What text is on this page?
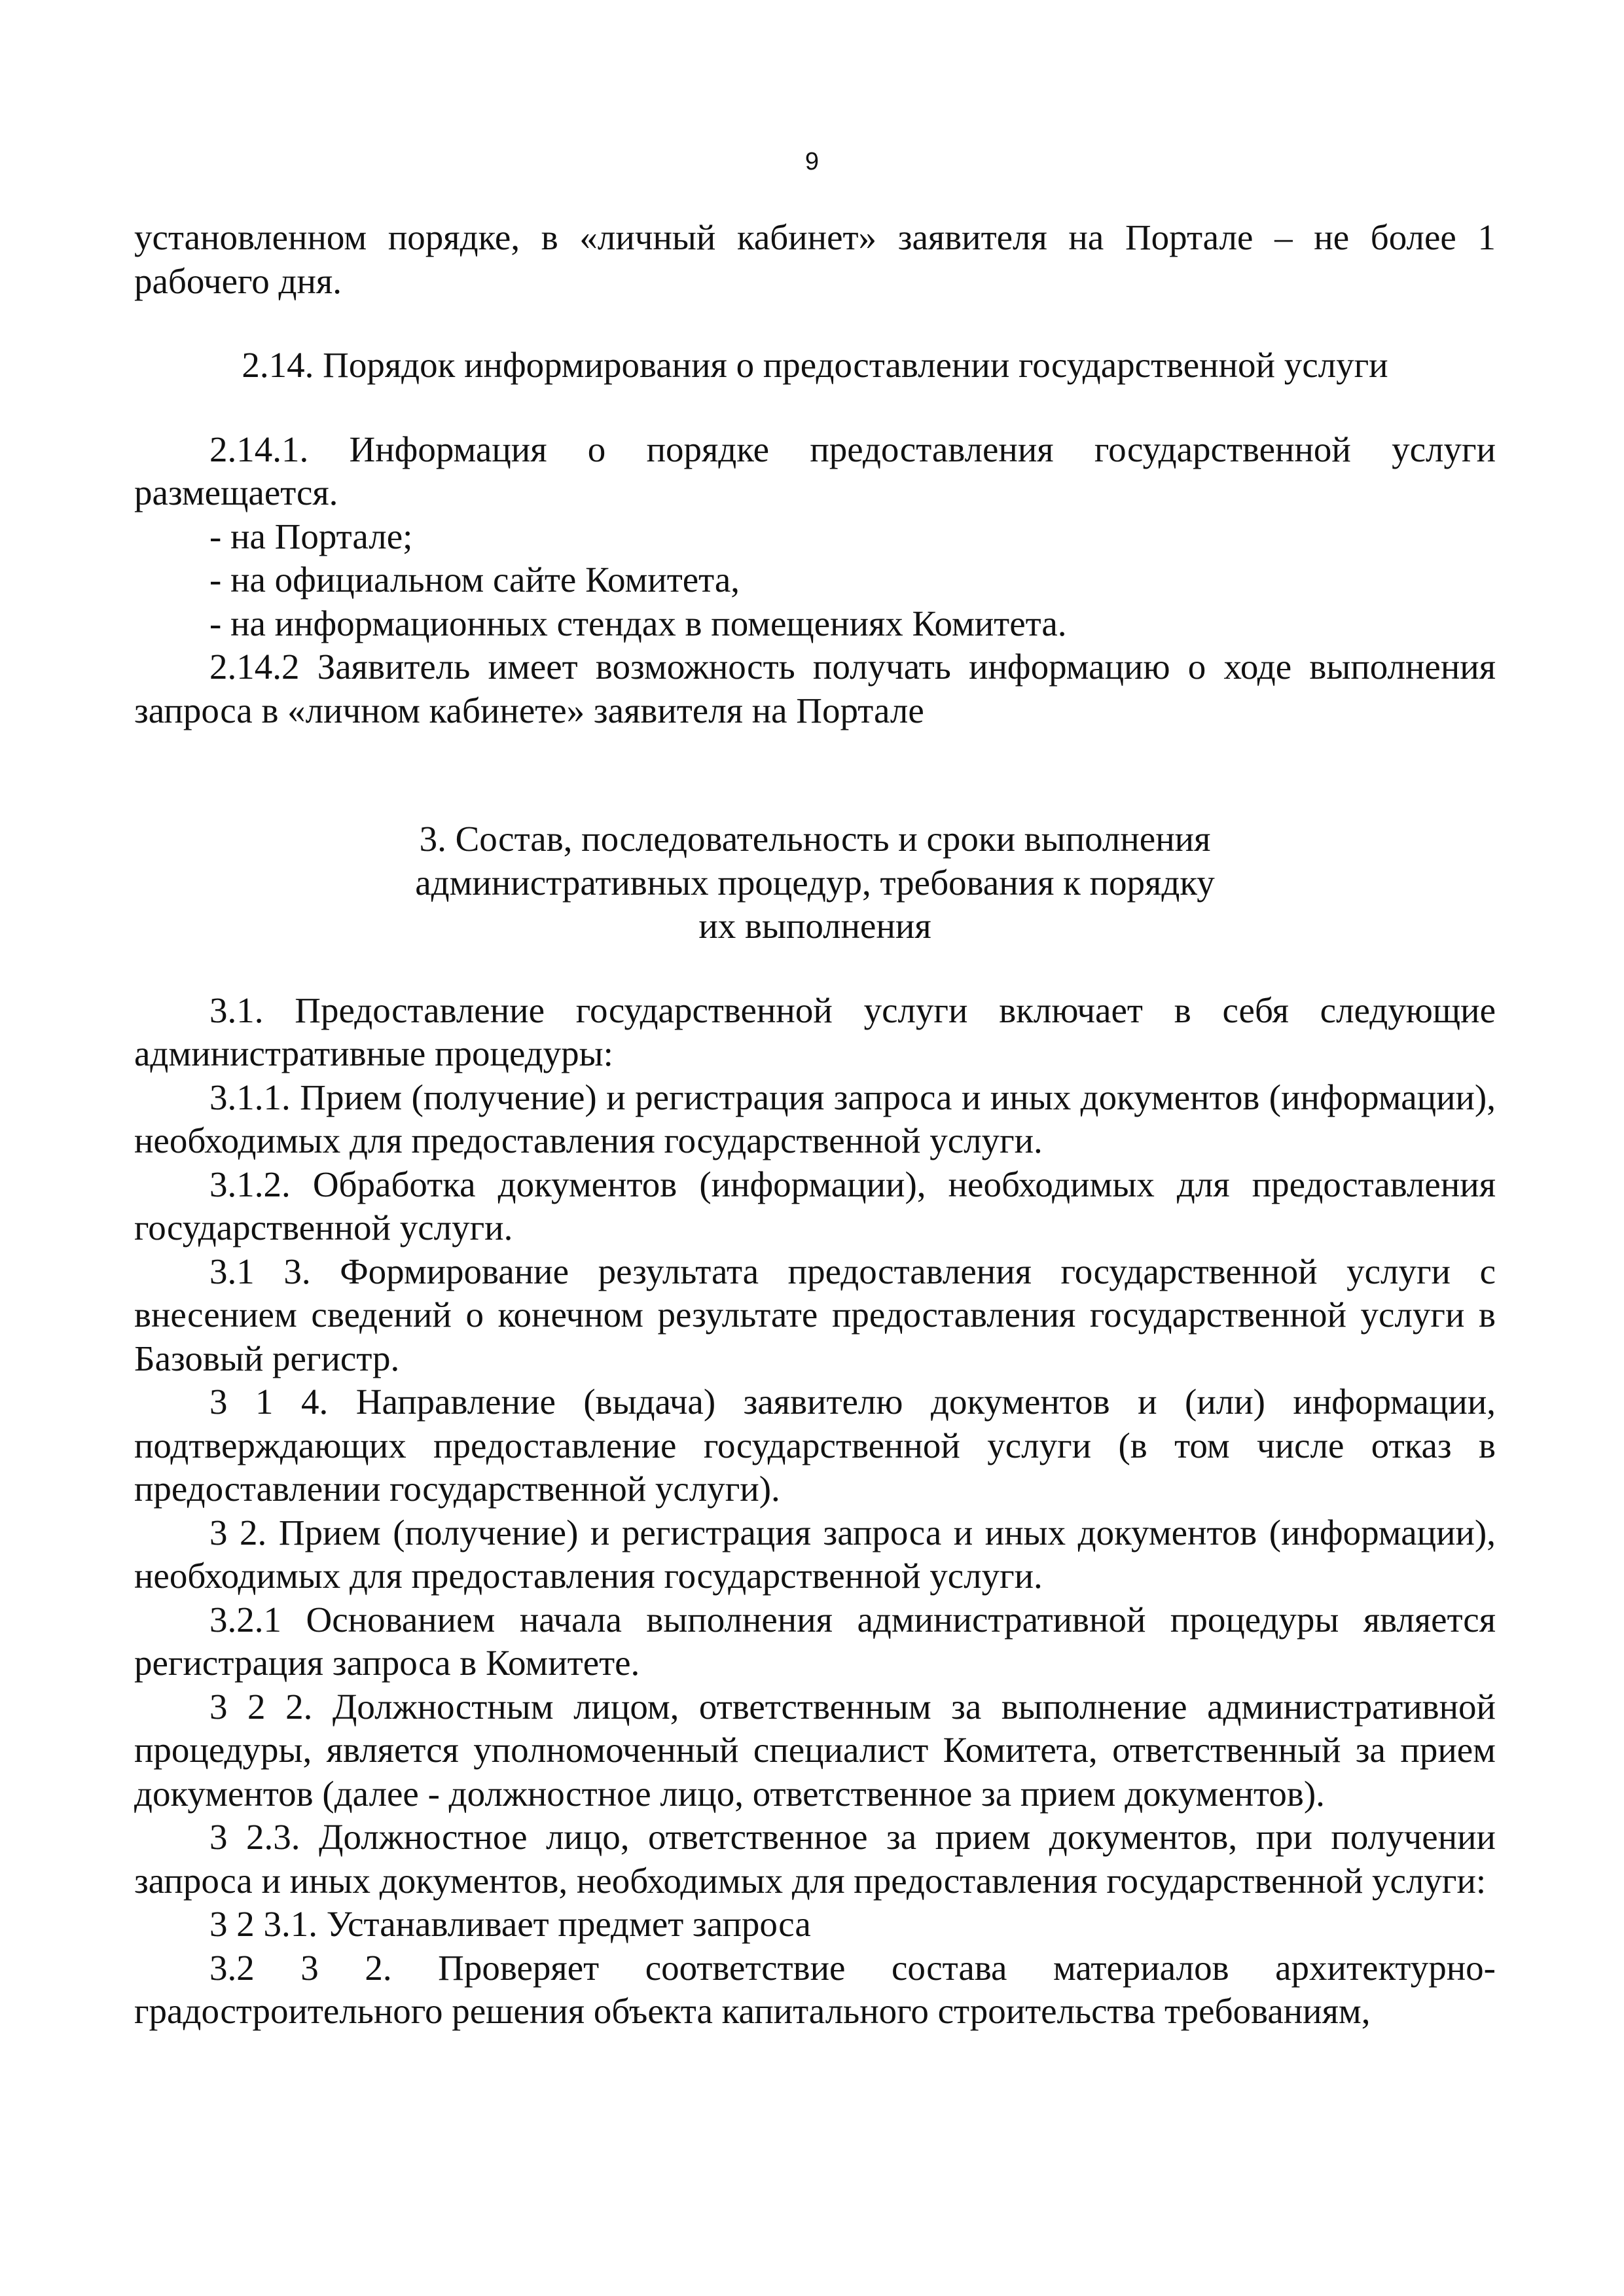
9

установленном порядке, в «личный кабинет» заявителя на Портале – не более 1 рабочего дня.

2.14. Порядок информирования о предоставлении государственной услуги

2.14.1. Информация о порядке предоставления государственной услуги размещается.

- на Портале;

- на официальном сайте Комитета,

- на информационных стендах в помещениях Комитета.

2.14.2 Заявитель имеет возможность получать информацию о ходе выполнения запроса в «личном кабинете» заявителя на Портале

3. Состав, последовательность и сроки выполнения
административных процедур, требования к порядку
их выполнения

3.1. Предоставление государственной услуги включает в себя следующие административные процедуры:

3.1.1. Прием (получение) и регистрация запроса и иных документов (информации), необходимых для предоставления государственной услуги.

3.1.2. Обработка документов (информации), необходимых для предоставления государственной услуги.

3.1 3. Формирование результата предоставления государственной услуги с внесением сведений о конечном результате предоставления государственной услуги в Базовый регистр.

3 1 4. Направление (выдача) заявителю документов и (или) информации, подтверждающих предоставление государственной услуги (в том числе отказ в предоставлении государственной услуги).

3 2. Прием (получение) и регистрация запроса и иных документов (информации), необходимых для предоставления государственной услуги.

3.2.1 Основанием начала выполнения административной процедуры является регистрация запроса в Комитете.

3 2 2. Должностным лицом, ответственным за выполнение административной процедуры, является уполномоченный специалист Комитета, ответственный за прием документов (далее - должностное лицо, ответственное за прием документов).

3 2.3. Должностное лицо, ответственное за прием документов, при получении запроса и иных документов, необходимых для предоставления государственной услуги:

3 2 3.1. Устанавливает предмет запроса

3.2 3 2. Проверяет соответствие состава материалов архитектурно-градостроительного решения объекта капитального строительства требованиям,
